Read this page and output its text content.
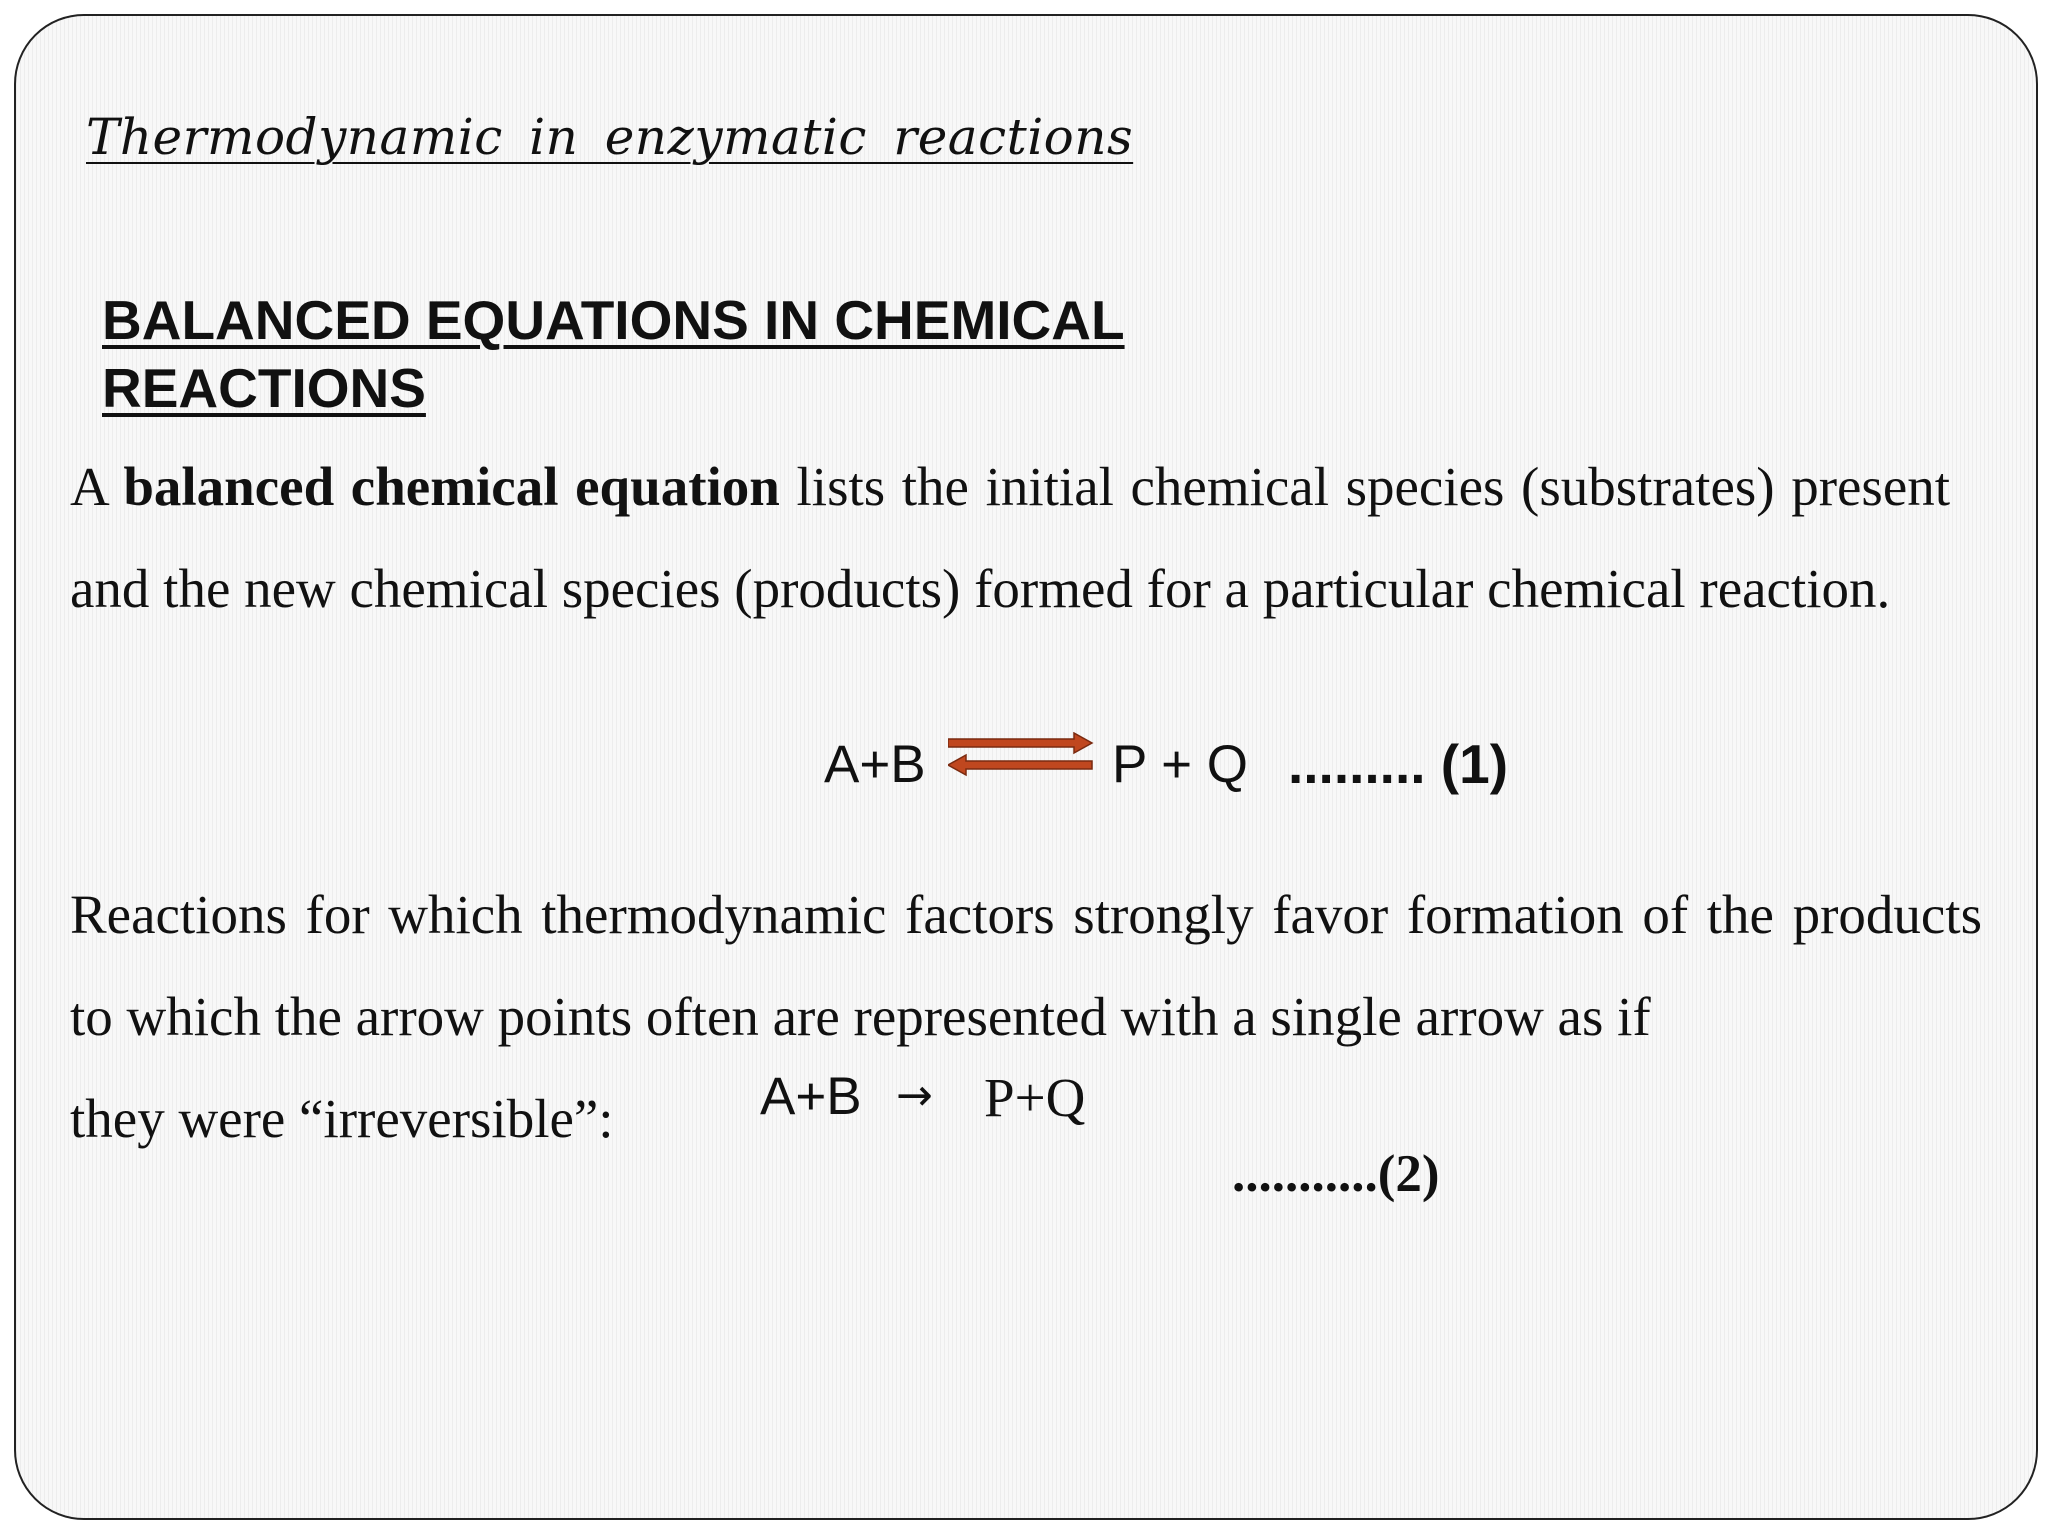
Thermodynamic in enzymatic reactions
BALANCED EQUATIONS IN CHEMICAL REACTIONS
A balanced chemical equation lists the initial chemical species (substrates) present and the new chemical species (products) formed for a particular chemical reaction.
A+B	P + Q ......... (1)
Reactions for which thermodynamic factors strongly favor formation of the products to which the arrow points often are represented with a single arrow as if
they were “irreversible”:	A+B → P+Q
...........(2)
